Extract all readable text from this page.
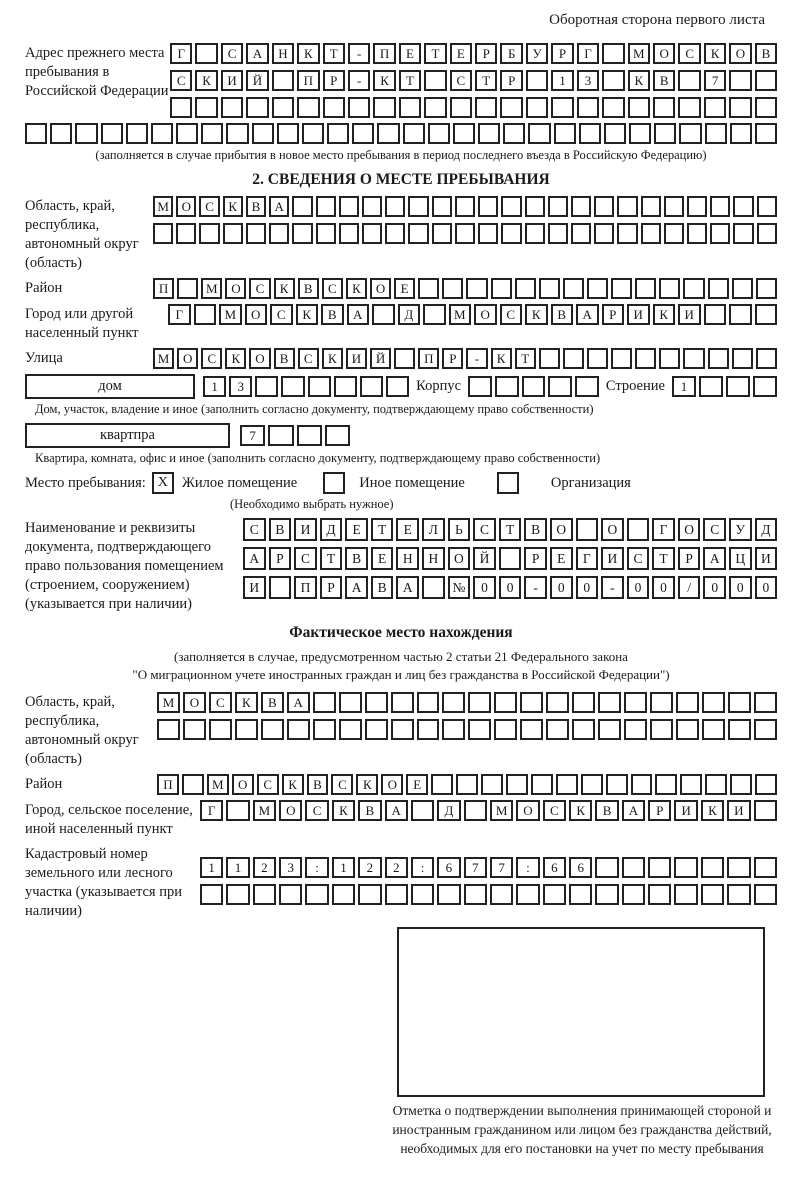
Оборотная сторона первого листа
Адрес прежнего места пребывания в Российской Федерации
Г	С	А	Н	К	Т	-	П	Е	Т	Е	Р	Б	У	Р	Г	М	О	С	К	О	В
С	К	И	Й	П	Р	-	К	Т	С	Т	Р	1	3	К	В	7
(заполняется в случае прибытия в новое место пребывания в период последнего въезда в Российскую Федерацию)
2. СВЕДЕНИЯ О МЕСТЕ ПРЕБЫВАНИЯ
Область, край, республика, автономный округ (область)
М О	С	К	В	А
Район	П	М	О	С	К	В	С	К	О	Е
Город или другой населенный пункт
Г	М	О	С	К	В	А	Д	М	О	С	К	В	А	Р	И	К	И
Улица	М	О	С	К	О	В	С	К	И	Й	П	Р	-	К	Т
дом	1	3	Корпус	Строение	1
Дом, участок, владение и иное (заполнить согласно документу, подтверждающему право собственности)
квартпра	7
Квартира, комната, офис и иное (заполнить согласно документу, подтверждающему право собственности)
Место пребывания: X Жилое помещение	Иное помещение	Организация
(Необходимо выбрать нужное)
Наименование и реквизиты документа, подтверждающего право пользования помещением (строением, сооружением) (указывается при наличии)
С	В	И	Д	Е	Т	Е	Л	Ь	С	Т	В	О	О	Г	О	С	У	Д
А	Р	С	Т	В	Е	Н	Н	О	Й	Р	Е	Г	И	С	Т	Р	А	Ц	И
И	П	Р	А	В	А	№	0	0	-	0	0	-	0	0	/	0	0	0
Фактическое место нахождения
(заполняется в случае, предусмотренном частью 2 статьи 21 Федерального закона
"О миграционном учете иностранных граждан и лиц без гражданства в Российской Федерации")
Область, край, республика, автономный округ (область)
М	О	С	К	В	А
Район	П	М	О	С	К	В	С	К	О	Е
Город, сельское поселение, иной населенный пункт
Г	М	О	С	К	В	А	Д	М	О	С	К	В	А	Р	И	К	И
Кадастровый номер земельного или лесного участка (указывается при наличии)
1	1	2	3	:	1	2	2	:	6	7	7	:	6	6
Отметка о подтверждении выполнения принимающей стороной и иностранным гражданином или лицом без гражданства действий, необходимых для его постановки на учет по месту пребывания
